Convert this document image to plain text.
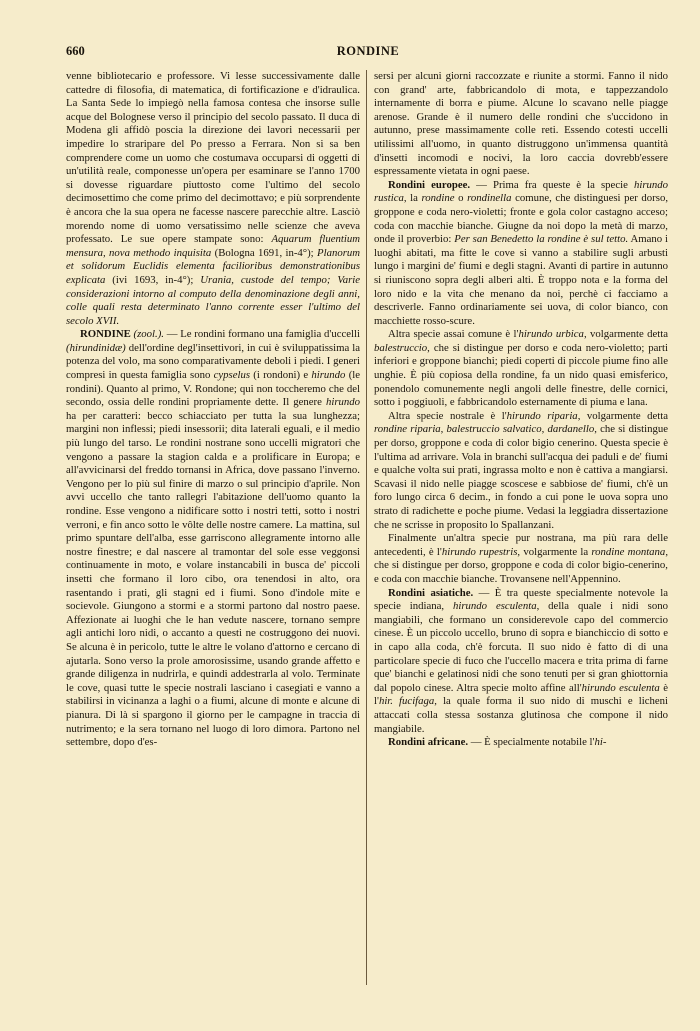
660	RONDINE

venne bibliotecario e professore. Vi lesse successivamente dalle cattedre di filosofia, di matematica, di fortificazione e d'idraulica. La Santa Sede lo impiegò nella famosa contesa che insorse sulle acque del Bolognese verso il principio del secolo passato. Il duca di Modena gli affidò poscia la direzione dei lavori necessarii per impedire lo straripare del Po presso a Ferrara. Non si sa ben comprendere come un uomo che costumava occuparsi di oggetti di un'utilità reale, componesse un'opera per esaminare se l'anno 1700 si dovesse riguardare piuttosto come l'ultimo del secolo decimosettimo che come primo del decimottavo; e più sorprendente è ancora che la sua opera ne facesse nascere parecchie altre. Lasciò morendo nome di uomo versatissimo nelle scienze che aveva professato. Le sue opere stampate sono: Aquarum fluentium mensura, nova methodo inquisita (Bologna 1691, in-4°); Planorum et solidorum Euclidis elementa facilioribus demonstrationibus explicata (ivi 1693, in-4°); Urania, custode del tempo; Varie considerazioni intorno al computo della denominazione degli anni, colle quali resta determinato l'anno corrente esser l'ultimo del secolo XVII.

RONDINE (zool.). — Le rondini formano una famiglia d'uccelli (hirundinidæ) dell'ordine degl'insettivori, in cui è sviluppatissima la potenza del volo, ma sono comparativamente deboli i piedi. I generi compresi in questa famiglia sono cypselus (i rondoni) e hirundo (le rondini). Quanto al primo, V. Rondone; qui non toccheremo che del secondo, ossia delle rondini propriamente dette. Il genere hirundo ha per caratteri: becco schiacciato per tutta la sua lunghezza; margini non inflessi; piedi insessorii; dita laterali eguali, e il medio più lungo del tarso. Le rondini nostrane sono uccelli migratori che vengono a passare la stagion calda e a prolificare in Europa; e all'avvicinarsi del freddo tornansi in Africa, dove passano l'inverno. Vengono per lo più sul finire di marzo o sul principio d'aprile. Non avvi uccello che tanto rallegri l'abitazione dell'uomo quanto la rondine. Esse vengono a nidificare sotto i nostri tetti, sotto i nostri verroni, e fin anco sotto le vôlte delle nostre camere. La mattina, sul primo spuntare dell'alba, esse garriscono allegramente intorno alle nostre finestre; e dal nascere al tramontar del sole esse veggonsi continuamente in moto, e volare instancabili in busca de' piccoli insetti che formano il loro cibo, ora tenendosi in alto, ora rasentando i prati, gli stagni ed i fiumi. Sono d'indole mite e socievole. Giungono a stormi e a stormi partono dal nostro paese. Affezionate ai luoghi che le han vedute nascere, tornano sempre agli antichi loro nidi, o accanto a questi ne costruggono dei nuovi. Se alcuna è in pericolo, tutte le altre le volano d'attorno e cercano di ajutarla. Sono verso la prole amorosissime, usando grande affetto e grande diligenza in nudrirla, e quindi addestrarla al volo. Terminate le cove, quasi tutte le specie nostrali lasciano i casegiati e vanno a stabilirsi in vicinanza a laghi o a fiumi, alcune di monte e alcune di pianura. Di là si spargono il giorno per le campagne in traccia di nutrimento; e la sera tornano nel luogo di loro dimora. Partono nel settembre, dopo d'es-

sersi per alcuni giorni raccozzate e riunite a stormi. Fanno il nido con grand' arte, fabbricandolo di mota, e tappezzandolo internamente di borra e piume. Alcune lo scavano nelle piagge arenose. Grande è il numero delle rondini che s'uccidono in autunno, prese massimamente colle reti. Essendo cotesti uccelli utilissimi all'uomo, in quanto distruggono un'immensa quantità d'insetti incomodi e nocivi, la loro caccia dovrebb'essere espressamente vietata in ogni paese.

Rondini europee. — Prima fra queste è la specie hirundo rustica, la rondine o rondinella comune, che distinguesi per dorso, groppone e coda nero-violetti; fronte e gola color castagno acceso; coda con macchie bianche. Giugne da noi dopo la metà di marzo, onde il proverbio: Per san Benedetto la rondine è sul tetto. Amano i luoghi abitati, ma fitte le cove si vanno a stabilire sugli arbusti lungo i margini de' fiumi e degli stagni. Avanti di partire in autunno si riuniscono sopra degli alberi alti. È troppo nota e la forma del loro nido e la vita che menano da noi, perchè ci facciamo a descriverle. Fanno ordinariamente sei uova, di color bianco, con macchiette rosso-scure.

Altra specie assai comune è l'hirundo urbica, volgarmente detta balestruccio, che si distingue per dorso e coda nero-violetto; parti inferiori e groppone bianchi; piedi coperti di piccole piume fino alle unghie. È più copiosa della rondine, fa un nido quasi emisferico, ponendolo comunemente negli angoli delle finestre, delle cornici, sotto i poggiuoli, e fabbricandolo esternamente di piuma e lana.

Altra specie nostrale è l'hirundo riparia, volgarmente detta rondine riparia, balestruccio salvatico, dardanello, che si distingue per dorso, groppone e coda di color bigio cenerino. Questa specie è l'ultima ad arrivare. Vola in branchi sull'acqua dei paduli e de' fiumi e qualche volta sui prati, ingrassa molto e non è cattiva a mangiarsi. Scavasi il nido nelle piagge scoscese e sabbiose de' fiumi, ch'è un foro lungo circa 6 decim., in fondo a cui pone le uova sopra uno strato di radichette e poche piume. Vedasi la leggiadra dissertazione che ne scrisse in proposito lo Spallanzani.

Finalmente un'altra specie pur nostrana, ma più rara delle antecedenti, è l'hirundo rupestris, volgarmente la rondine montana, che si distingue per dorso, groppone e coda di color bigio-cenerino, e coda con macchie bianche. Trovansene nell'Appennino.

Rondini asiatiche. — È tra queste specialmente notevole la specie indiana, hirundo esculenta, della quale i nidi sono mangiabili, che formano un considerevole capo del commercio cinese. È un piccolo uccello, bruno di sopra e bianchiccio di sotto e in capo alla coda, ch'è forcuta. Il suo nido è fatto di di una particolare specie di fuco che l'uccello macera e trita prima di farne que' bianchi e gelatinosi nidi che sono tenuti per sì gran ghiottornia dal popolo cinese. Altra specie molto affine all'hirundo esculenta è l'hir. fucifaga, la quale forma il suo nido di muschi e licheni attaccati colla stessa sostanza glutinosa che compone il nido mangiabile.

Rondini africane. — È specialmente notabile l'hi-
